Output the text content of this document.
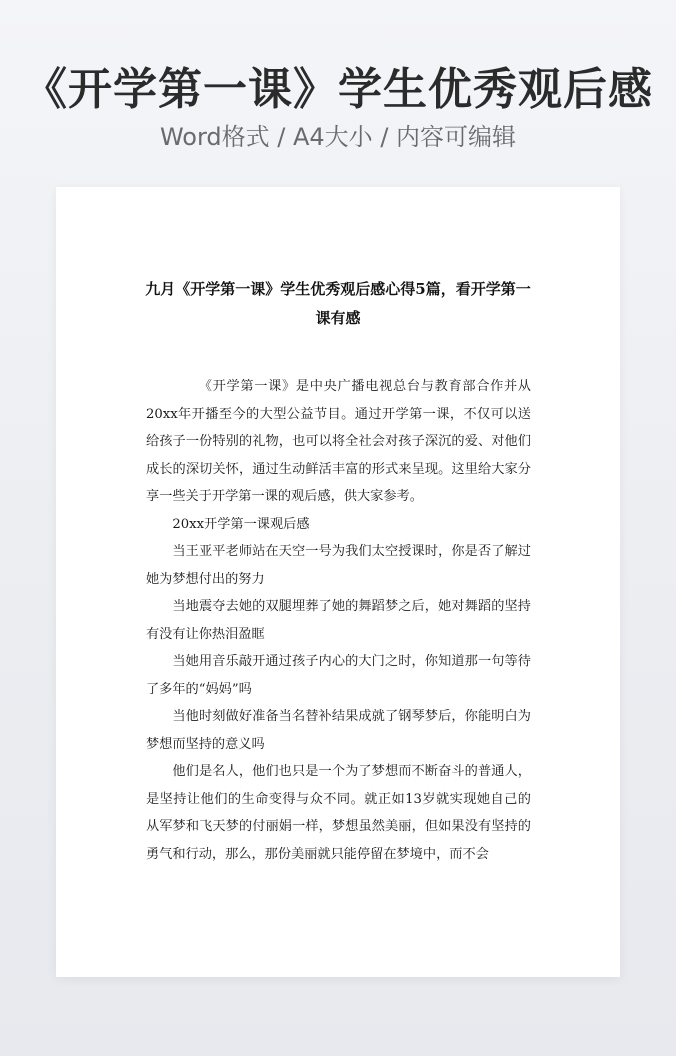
《开学第一课》学生优秀观后感
Word格式 / A4大小 / 内容可编辑
九月《开学第一课》学生优秀观后感心得5篇，看开学第一课有感

《开学第一课》是中央广播电视总台与教育部合作并从20xx年开播至今的大型公益节目。通过开学第一课，不仅可以送给孩子一份特别的礼物，也可以将全社会对孩子深沉的爱、对他们成长的深切关怀，通过生动鲜活丰富的形式来呈现。这里给大家分享一些关于开学第一课的观后感，供大家参考。

20xx开学第一课观后感

当王亚平老师站在天空一号为我们太空授课时，你是否了解过她为梦想付出的努力

当地震夺去她的双腿埋葬了她的舞蹈梦之后，她对舞蹈的坚持有没有让你热泪盈眶

当她用音乐敲开通过孩子内心的大门之时，你知道那一句等待了多年的“妈妈”吗

当他时刻做好准备当名替补结果成就了钢琴梦后，你能明白为梦想而坚持的意义吗

他们是名人，他们也只是一个为了梦想而不断奋斗的普通人，是坚持让他们的生命变得与众不同。就正如13岁就实现她自己的从军梦和飞天梦的付丽娟一样，梦想虽然美丽，但如果没有坚持的勇气和行动，那么，那份美丽就只能停留在梦境中，而不会
